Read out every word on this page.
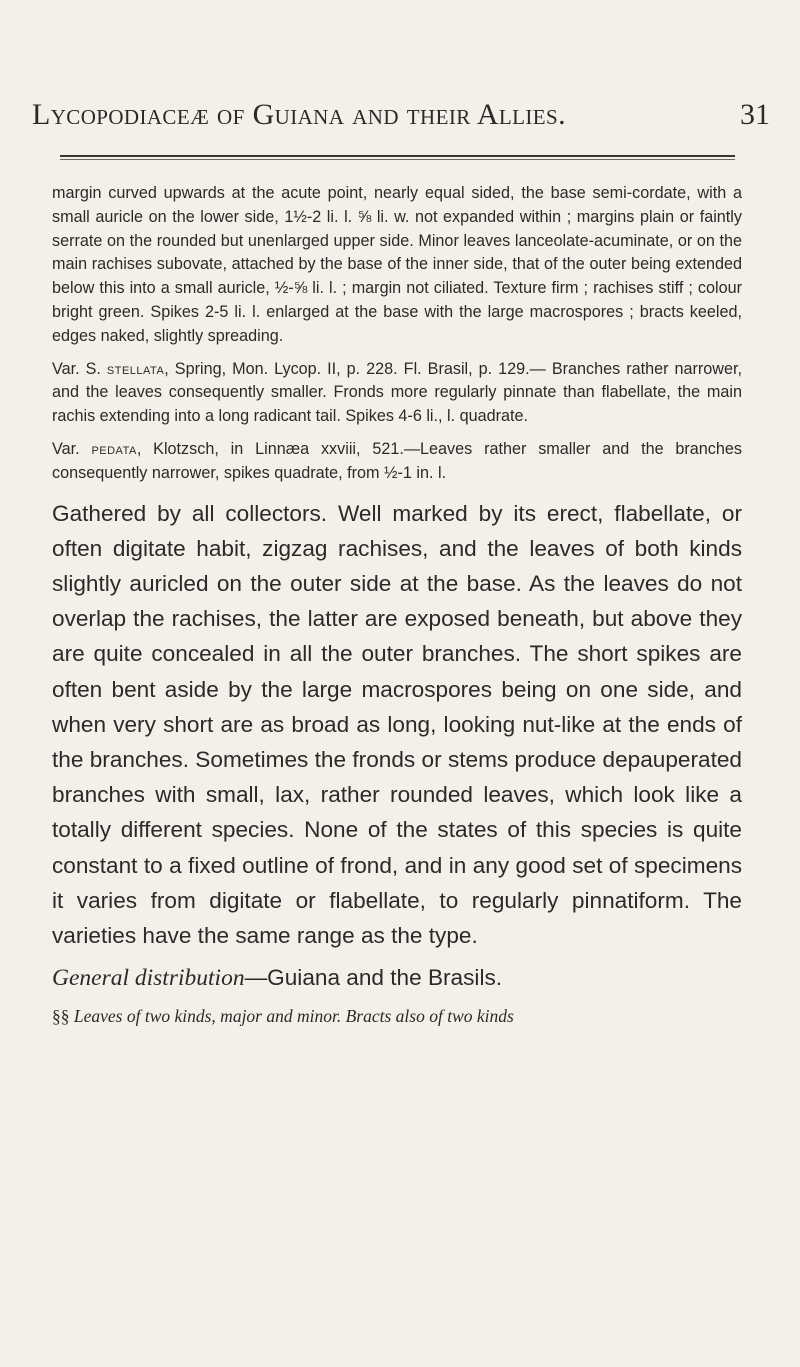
Lycopodiaceæ of Guiana and their Allies.	31

margin curved upwards at the acute point, nearly equal sided, the base semi-cordate, with a small auricle on the lower side, 1½-2 li. l. ⅝ li. w. not expanded within ; margins plain or faintly serrate on the rounded but unenlarged upper side. Minor leaves lanceolate-acuminate, or on the main rachises subovate, attached by the base of the inner side, that of the outer being extended below this into a small auricle, ½-⅝ li. l. ; margin not ciliated. Texture firm ; rachises stiff ; colour bright green. Spikes 2-5 li. l. enlarged at the base with the large macrospores ; bracts keeled, edges naked, slightly spreading.

Var. S. stellata, Spring, Mon. Lycop. II, p. 228. Fl. Brasil, p. 129.— Branches rather narrower, and the leaves consequently smaller. Fronds more regularly pinnate than flabellate, the main rachis extending into a long radicant tail. Spikes 4-6 li., l. quadrate.

Var. pedata, Klotzsch, in Linnæa xxviii, 521.—Leaves rather smaller and the branches consequently narrower, spikes quadrate, from ½-1 in. l.

Gathered by all collectors. Well marked by its erect, flabellate, or often digitate habit, zigzag rachises, and the leaves of both kinds slightly auricled on the outer side at the base. As the leaves do not overlap the rachises, the latter are exposed beneath, but above they are quite concealed in all the outer branches. The short spikes are often bent aside by the large macrospores being on one side, and when very short are as broad as long, looking nut-like at the ends of the branches. Sometimes the fronds or stems produce depauperated branches with small, lax, rather rounded leaves, which look like a totally different species. None of the states of this species is quite constant to a fixed outline of frond, and in any good set of specimens it varies from digitate or flabellate, to regularly pinnatiform. The varieties have the same range as the type.

General distribution—Guiana and the Brasils.

§§ Leaves of two kinds, major and minor. Bracts also of two kinds
